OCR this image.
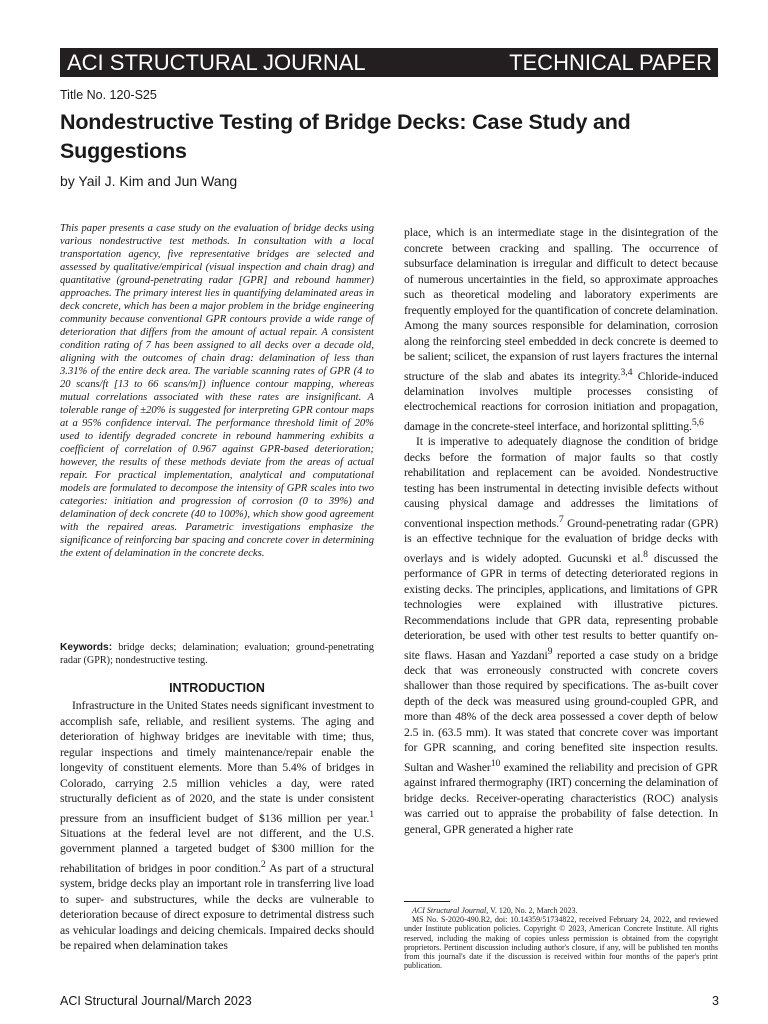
ACI STRUCTURAL JOURNAL	TECHNICAL PAPER
Title No. 120-S25
Nondestructive Testing of Bridge Decks: Case Study and Suggestions
by Yail J. Kim and Jun Wang

This paper presents a case study on the evaluation of bridge decks using various nondestructive test methods. In consultation with a local transportation agency, five representative bridges are selected and assessed by qualitative/empirical (visual inspection and chain drag) and quantitative (ground-penetrating radar [GPR] and rebound hammer) approaches. The primary interest lies in quantifying delaminated areas in deck concrete, which has been a major problem in the bridge engineering community because conventional GPR contours provide a wide range of deterioration that differs from the amount of actual repair. A consistent condition rating of 7 has been assigned to all decks over a decade old, aligning with the outcomes of chain drag: delamination of less than 3.31% of the entire deck area. The variable scanning rates of GPR (4 to 20 scans/ft [13 to 66 scans/m]) influence contour mapping, whereas mutual correlations associated with these rates are insignificant. A tolerable range of ±20% is suggested for interpreting GPR contour maps at a 95% confidence interval. The performance threshold limit of 20% used to identify degraded concrete in rebound hammering exhibits a coefficient of correlation of 0.967 against GPR-based deterioration; however, the results of these methods deviate from the areas of actual repair. For practical implementation, analytical and computational models are formulated to decompose the intensity of GPR scales into two categories: initiation and progression of corrosion (0 to 39%) and delamination of deck concrete (40 to 100%), which show good agreement with the repaired areas. Parametric investigations emphasize the significance of reinforcing bar spacing and concrete cover in determining the extent of delamination in the concrete decks.

Keywords: bridge decks; delamination; evaluation; ground-penetrating radar (GPR); nondestructive testing.

INTRODUCTION

Infrastructure in the United States needs significant investment to accomplish safe, reliable, and resilient systems. The aging and deterioration of highway bridges are inevitable with time; thus, regular inspections and timely maintenance/repair enable the longevity of constituent elements. More than 5.4% of bridges in Colorado, carrying 2.5 million vehicles a day, were rated structurally deficient as of 2020, and the state is under consistent pressure from an insufficient budget of $136 million per year.$^1$ Situations at the federal level are not different, and the U.S. government planned a targeted budget of $300 million for the rehabilitation of bridges in poor condition.$^2$ As part of a structural system, bridge decks play an important role in transferring live load to super- and substructures, while the decks are vulnerable to deterioration because of direct exposure to detrimental distress such as vehicular loadings and deicing chemicals. Impaired decks should be repaired when delamination takes

place, which is an intermediate stage in the disintegration of the concrete between cracking and spalling. The occurrence of subsurface delamination is irregular and difficult to detect because of numerous uncertainties in the field, so approximate approaches such as theoretical modeling and laboratory experiments are frequently employed for the quantification of concrete delamination. Among the many sources responsible for delamination, corrosion along the reinforcing steel embedded in deck concrete is deemed to be salient; scilicet, the expansion of rust layers fractures the internal structure of the slab and abates its integrity.$^{3,4}$ Chloride-induced delamination involves multiple processes consisting of electrochemical reactions for corrosion initiation and propagation, damage in the concrete-steel interface, and horizontal splitting.$^{5,6}$

It is imperative to adequately diagnose the condition of bridge decks before the formation of major faults so that costly rehabilitation and replacement can be avoided. Nondestructive testing has been instrumental in detecting invisible defects without causing physical damage and addresses the limitations of conventional inspection methods.$^7$ Ground-penetrating radar (GPR) is an effective technique for the evaluation of bridge decks with overlays and is widely adopted. Gucunski et al.$^8$ discussed the performance of GPR in terms of detecting deteriorated regions in existing decks. The principles, applications, and limitations of GPR technologies were explained with illustrative pictures. Recommendations include that GPR data, representing probable deterioration, be used with other test results to better quantify on-site flaws. Hasan and Yazdani$^9$ reported a case study on a bridge deck that was erroneously constructed with concrete covers shallower than those required by specifications. The as-built cover depth of the deck was measured using ground-coupled GPR, and more than 48% of the deck area possessed a cover depth of below 2.5 in. (63.5 mm). It was stated that concrete cover was important for GPR scanning, and coring benefited site inspection results. Sultan and Washer$^{10}$ examined the reliability and precision of GPR against infrared thermography (IRT) concerning the delamination of bridge decks. Receiver-operating characteristics (ROC) analysis was carried out to appraise the probability of false detection. In general, GPR generated a higher rate

ACI Structural Journal, V. 120, No. 2, March 2023.

MS No. S-2020-490.R2, doi: 10.14359/51734822, received February 24, 2022, and reviewed under Institute publication policies. Copyright © 2023, American Concrete Institute. All rights reserved, including the making of copies unless permission is obtained from the copyright proprietors. Pertinent discussion including author's closure, if any, will be published ten months from this journal's date if the discussion is received within four months of the paper's print publication.

ACI Structural Journal/March 2023	3
